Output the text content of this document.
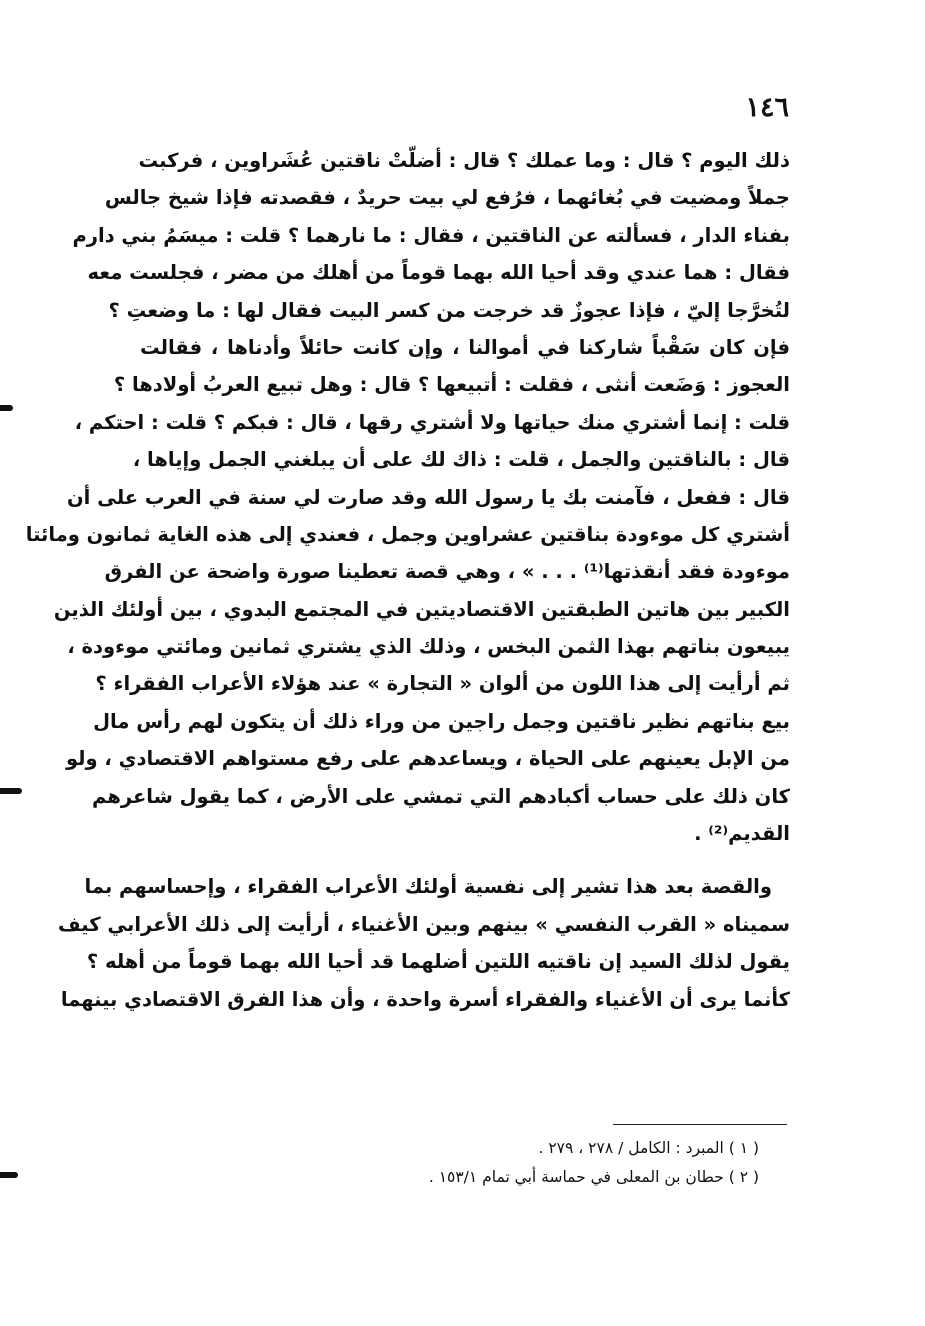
١٤٦
ذلك اليوم ؟ قال : وما عملك ؟ قال : أضلّتْ ناقتين عُشَراوين ، فركبت
جملاً ومضيت في بُغائهما ، فرُفع لي بيت حريدٌ ، فقصدته فإذا شيخ جالس
بفناء الدار ، فسألته عن الناقتين ، فقال : ما نارهما ؟ قلت : ميسَمُ بني دارم
فقال : هما عندي وقد أحيا الله بهما قوماً من أهلك من مضر ، فجلست معه
لتُخرَّجا إليّ ، فإذا عجوزٌ قد خرجت من كسر البيت فقال لها : ما وضعتِ ؟
فإن كان سَقْباً شاركنا في أموالنا ، وإن كانت حائلاً وأدناها ، فقالت
العجوز : وَضَعت أنثى ، فقلت : أتبيعها ؟ قال : وهل تبيع العربُ أولادها ؟
قلت : إنما أشتري منك حياتها ولا أشتري رقها ، قال : فبكم ؟ قلت : احتكم ،
قال : بالناقتين والجمل ، قلت : ذاك لك على أن يبلغني الجمل وإياها ،
قال : ففعل ، فآمنت بك يا رسول الله وقد صارت لي سنة في العرب على أن
أشتري كل موءودة بناقتين عشراوين وجمل ، فعندي إلى هذه الغاية ثمانون ومائتا
موءودة فقد أنقذتها⁽¹⁾ . . . » ، وهي قصة تعطينا صورة واضحة عن الفرق
الكبير بين هاتين الطبقتين الاقتصاديتين في المجتمع البدوي ، بين أولئك الذين
يبيعون بناتهم بهذا الثمن البخس ، وذلك الذي يشتري ثمانين ومائتي موءودة ،
ثم أرأيت إلى هذا اللون من ألوان « التجارة » عند هؤلاء الأعراب الفقراء ؟
بيع بناتهم نظير ناقتين وجمل راجين من وراء ذلك أن يتكون لهم رأس مال
من الإبل يعينهم على الحياة ، ويساعدهم على رفع مستواهم الاقتصادي ، ولو
كان ذلك على حساب أكبادهم التي تمشي على الأرض ، كما يقول شاعرهم
القديم⁽²⁾ .
والقصة بعد هذا تشير إلى نفسية أولئك الأعراب الفقراء ، وإحساسهم بما
سميناه « القرب النفسي » بينهم وبين الأغنياء ، أرأيت إلى ذلك الأعرابي كيف
يقول لذلك السيد إن ناقتيه اللتين أضلهما قد أحيا الله بهما قوماً من أهله ؟
كأنما يرى أن الأغنياء والفقراء أسرة واحدة ، وأن هذا الفرق الاقتصادي بينهما
( ١ ) المبرد : الكامل / ٢٧٨ ، ٢٧٩ .
( ٢ ) حطان بن المعلى في حماسة أبي تمام ١٥٣/١ .
